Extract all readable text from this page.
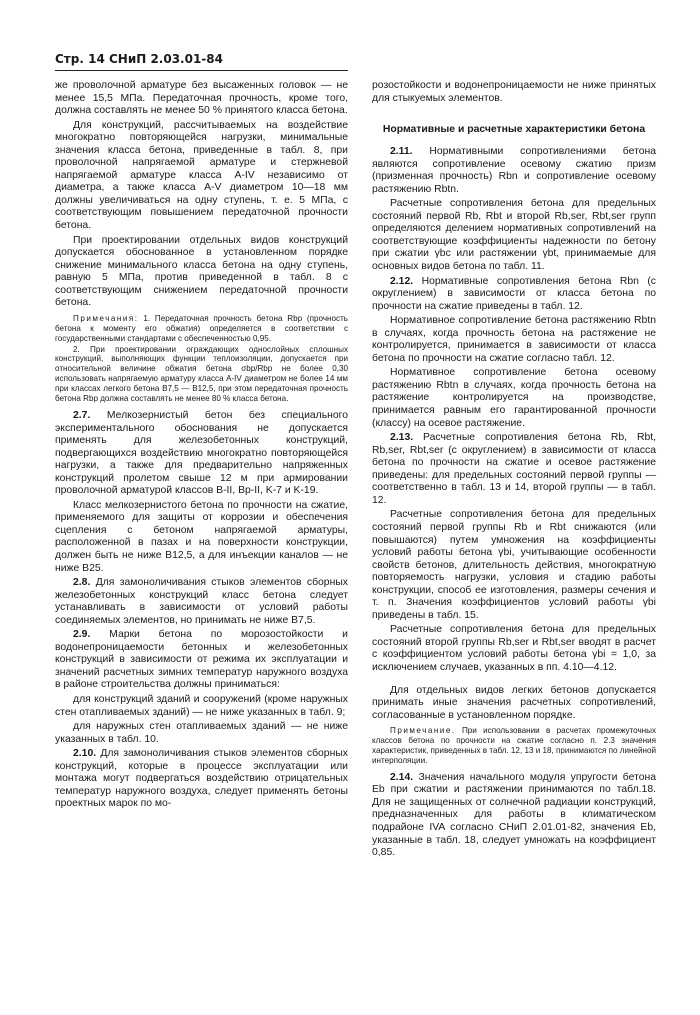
Стр. 14 СНиП 2.03.01-84

же проволочной арматуре без высаженных головок — не менее 15,5 МПа. Передаточная прочность, кроме того, должна составлять не менее 50 % принятого класса бетона.

Для конструкций, рассчитываемых на воздействие многократно повторяющейся нагрузки, минимальные значения класса бетона, приведенные в табл. 8, при проволочной напрягаемой арматуре и стержневой напрягаемой арматуре класса A-IV независимо от диаметра, а также класса A-V диаметром 10—18 мм должны увеличиваться на одну ступень, т. е. 5 МПа, с соответствующим повышением передаточной прочности бетона.

При проектировании отдельных видов конструкций допускается обоснованное в установленном порядке снижение минимального класса бетона на одну ступень, равную 5 МПа, против приведенной в табл. 8 с соответствующим снижением передаточной прочности бетона.

Примечания: 1. Передаточная прочность бетона Rbp (прочность бетона к моменту его обжатия) определяется в соответствии с государственными стандартами с обеспеченностью 0,95.

2. При проектировании ограждающих однослойных сплошных конструкций, выполняющих функции теплоизоляции, допускается при относительной величине обжатия бетона σbp/Rbp не более 0,30 использовать напрягаемую арматуру класса A-IV диаметром не более 14 мм при классах легкого бетона В7,5 — В12,5, при этом передаточная прочность бетона Rbp должна составлять не менее 80 % класса бетона.

2.7. Мелкозернистый бетон без специального экспериментального обоснования не допускается применять для железобетонных конструкций, подвергающихся воздействию многократно повторяющейся нагрузки, а также для предварительно напряженных конструкций пролетом свыше 12 м при армировании проволочной арматурой классов B-II, Bp-II, K-7 и K-19.

Класс мелкозернистого бетона по прочности на сжатие, применяемого для защиты от коррозии и обеспечения сцепления с бетоном напрягаемой арматуры, расположенной в пазах и на поверхности конструкции, должен быть не ниже В12,5, а для инъекции каналов — не ниже В25.

2.8. Для замоноличивания стыков элементов сборных железобетонных конструкций класс бетона следует устанавливать в зависимости от условий работы соединяемых элементов, но принимать не ниже В7,5.

2.9. Марки бетона по морозостойкости и водонепроницаемости бетонных и железобетонных конструкций в зависимости от режима их эксплуатации и значений расчетных зимних температур наружного воздуха в районе строительства должны приниматься:

для конструкций зданий и сооружений (кроме наружных стен отапливаемых зданий) — не ниже указанных в табл. 9;

для наружных стен отапливаемых зданий — не ниже указанных в табл. 10.

2.10. Для замоноличивания стыков элементов сборных конструкций, которые в процессе эксплуатации или монтажа могут подвергаться воздействию отрицательных температур наружного воздуха, следует применять бетоны проектных марок по мо-

розостойкости и водонепроницаемости не ниже принятых для стыкуемых элементов.

Нормативные и расчетные характеристики бетона

2.11. Нормативными сопротивлениями бетона являются сопротивление осевому сжатию призм (призменная прочность) Rbn и сопротивление осевому растяжению Rbtn.

Расчетные сопротивления бетона для предельных состояний первой Rb, Rbt и второй Rb,ser, Rbt,ser групп определяются делением нормативных сопротивлений на соответствующие коэффициенты надежности по бетону при сжатии γbc или растяжении γbt, принимаемые для основных видов бетона по табл. 11.

2.12. Нормативные сопротивления бетона Rbn (с округлением) в зависимости от класса бетона по прочности на сжатие приведены в табл. 12.

Нормативное сопротивление бетона растяжению Rbtn в случаях, когда прочность бетона на растяжение не контролируется, принимается в зависимости от класса бетона по прочности на сжатие согласно табл. 12.

Нормативное сопротивление бетона осевому растяжению Rbtn в случаях, когда прочность бетона на растяжение контролируется на производстве, принимается равным его гарантированной прочности (классу) на осевое растяжение.

2.13. Расчетные сопротивления бетона Rb, Rbt, Rb,ser, Rbt,ser (с округлением) в зависимости от класса бетона по прочности на сжатие и осевое растяжение приведены: для предельных состояний первой группы — соответственно в табл. 13 и 14, второй группы — в табл. 12.

Расчетные сопротивления бетона для предельных состояний первой группы Rb и Rbt снижаются (или повышаются) путем умножения на коэффициенты условий работы бетона γbi, учитывающие особенности свойств бетонов, длительность действия, многократную повторяемость нагрузки, условия и стадию работы конструкции, способ ее изготовления, размеры сечения и т. п. Значения коэффициентов условий работы γbi приведены в табл. 15.

Расчетные сопротивления бетона для предельных состояний второй группы Rb,ser и Rbt,ser вводят в расчет с коэффициентом условий работы бетона γbi = 1,0, за исключением случаев, указанных в пп. 4.10—4.12.

Для отдельных видов легких бетонов допускается принимать иные значения расчетных сопротивлений, согласованные в установленном порядке.

Примечание. При использовании в расчетах промежуточных классов бетона по прочности на сжатие согласно п. 2.3 значения характеристик, приведенных в табл. 12, 13 и 18, принимаются по линейной интерполяции.

2.14. Значения начального модуля упругости бетона Eb при сжатии и растяжении принимаются по табл.18. Для не защищенных от солнечной радиации конструкций, предназначенных для работы в климатическом подрайоне IVA согласно СНиП 2.01.01-82, значения Eb, указанные в табл. 18, следует умножать на коэффициент 0,85.
